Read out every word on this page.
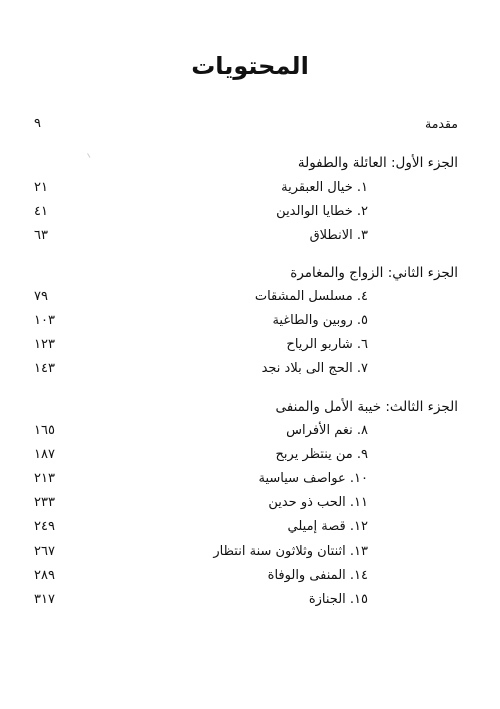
المحتويات
مقدمة
٩
الجزء الأول: العائلة والطفولة
١. خيال العبقرية
٢١
٢. خطايا الوالدين
٤١
٣. الانطلاق
٦٣
الجزء الثاني: الزواج والمغامرة
٤. مسلسل المشقات
٧٩
٥. روبين والطاغية
١٠٣
٦. شاربو الرياح
١٢٣
٧. الحج الى بلاد نجد
١٤٣
الجزء الثالث: خيبة الأمل والمنفى
٨. نغم الأفراس
١٦٥
٩. من ينتظر يربح
١٨٧
١٠. عواصف سياسية
٢١٣
١١. الحب ذو حدين
٢٣٣
١٢. قصة إميلي
٢٤٩
١٣. اثنتان وثلاثون سنة انتظار
٢٦٧
١٤. المنفى والوفاة
٢٨٩
١٥. الجنازة
٣١٧
